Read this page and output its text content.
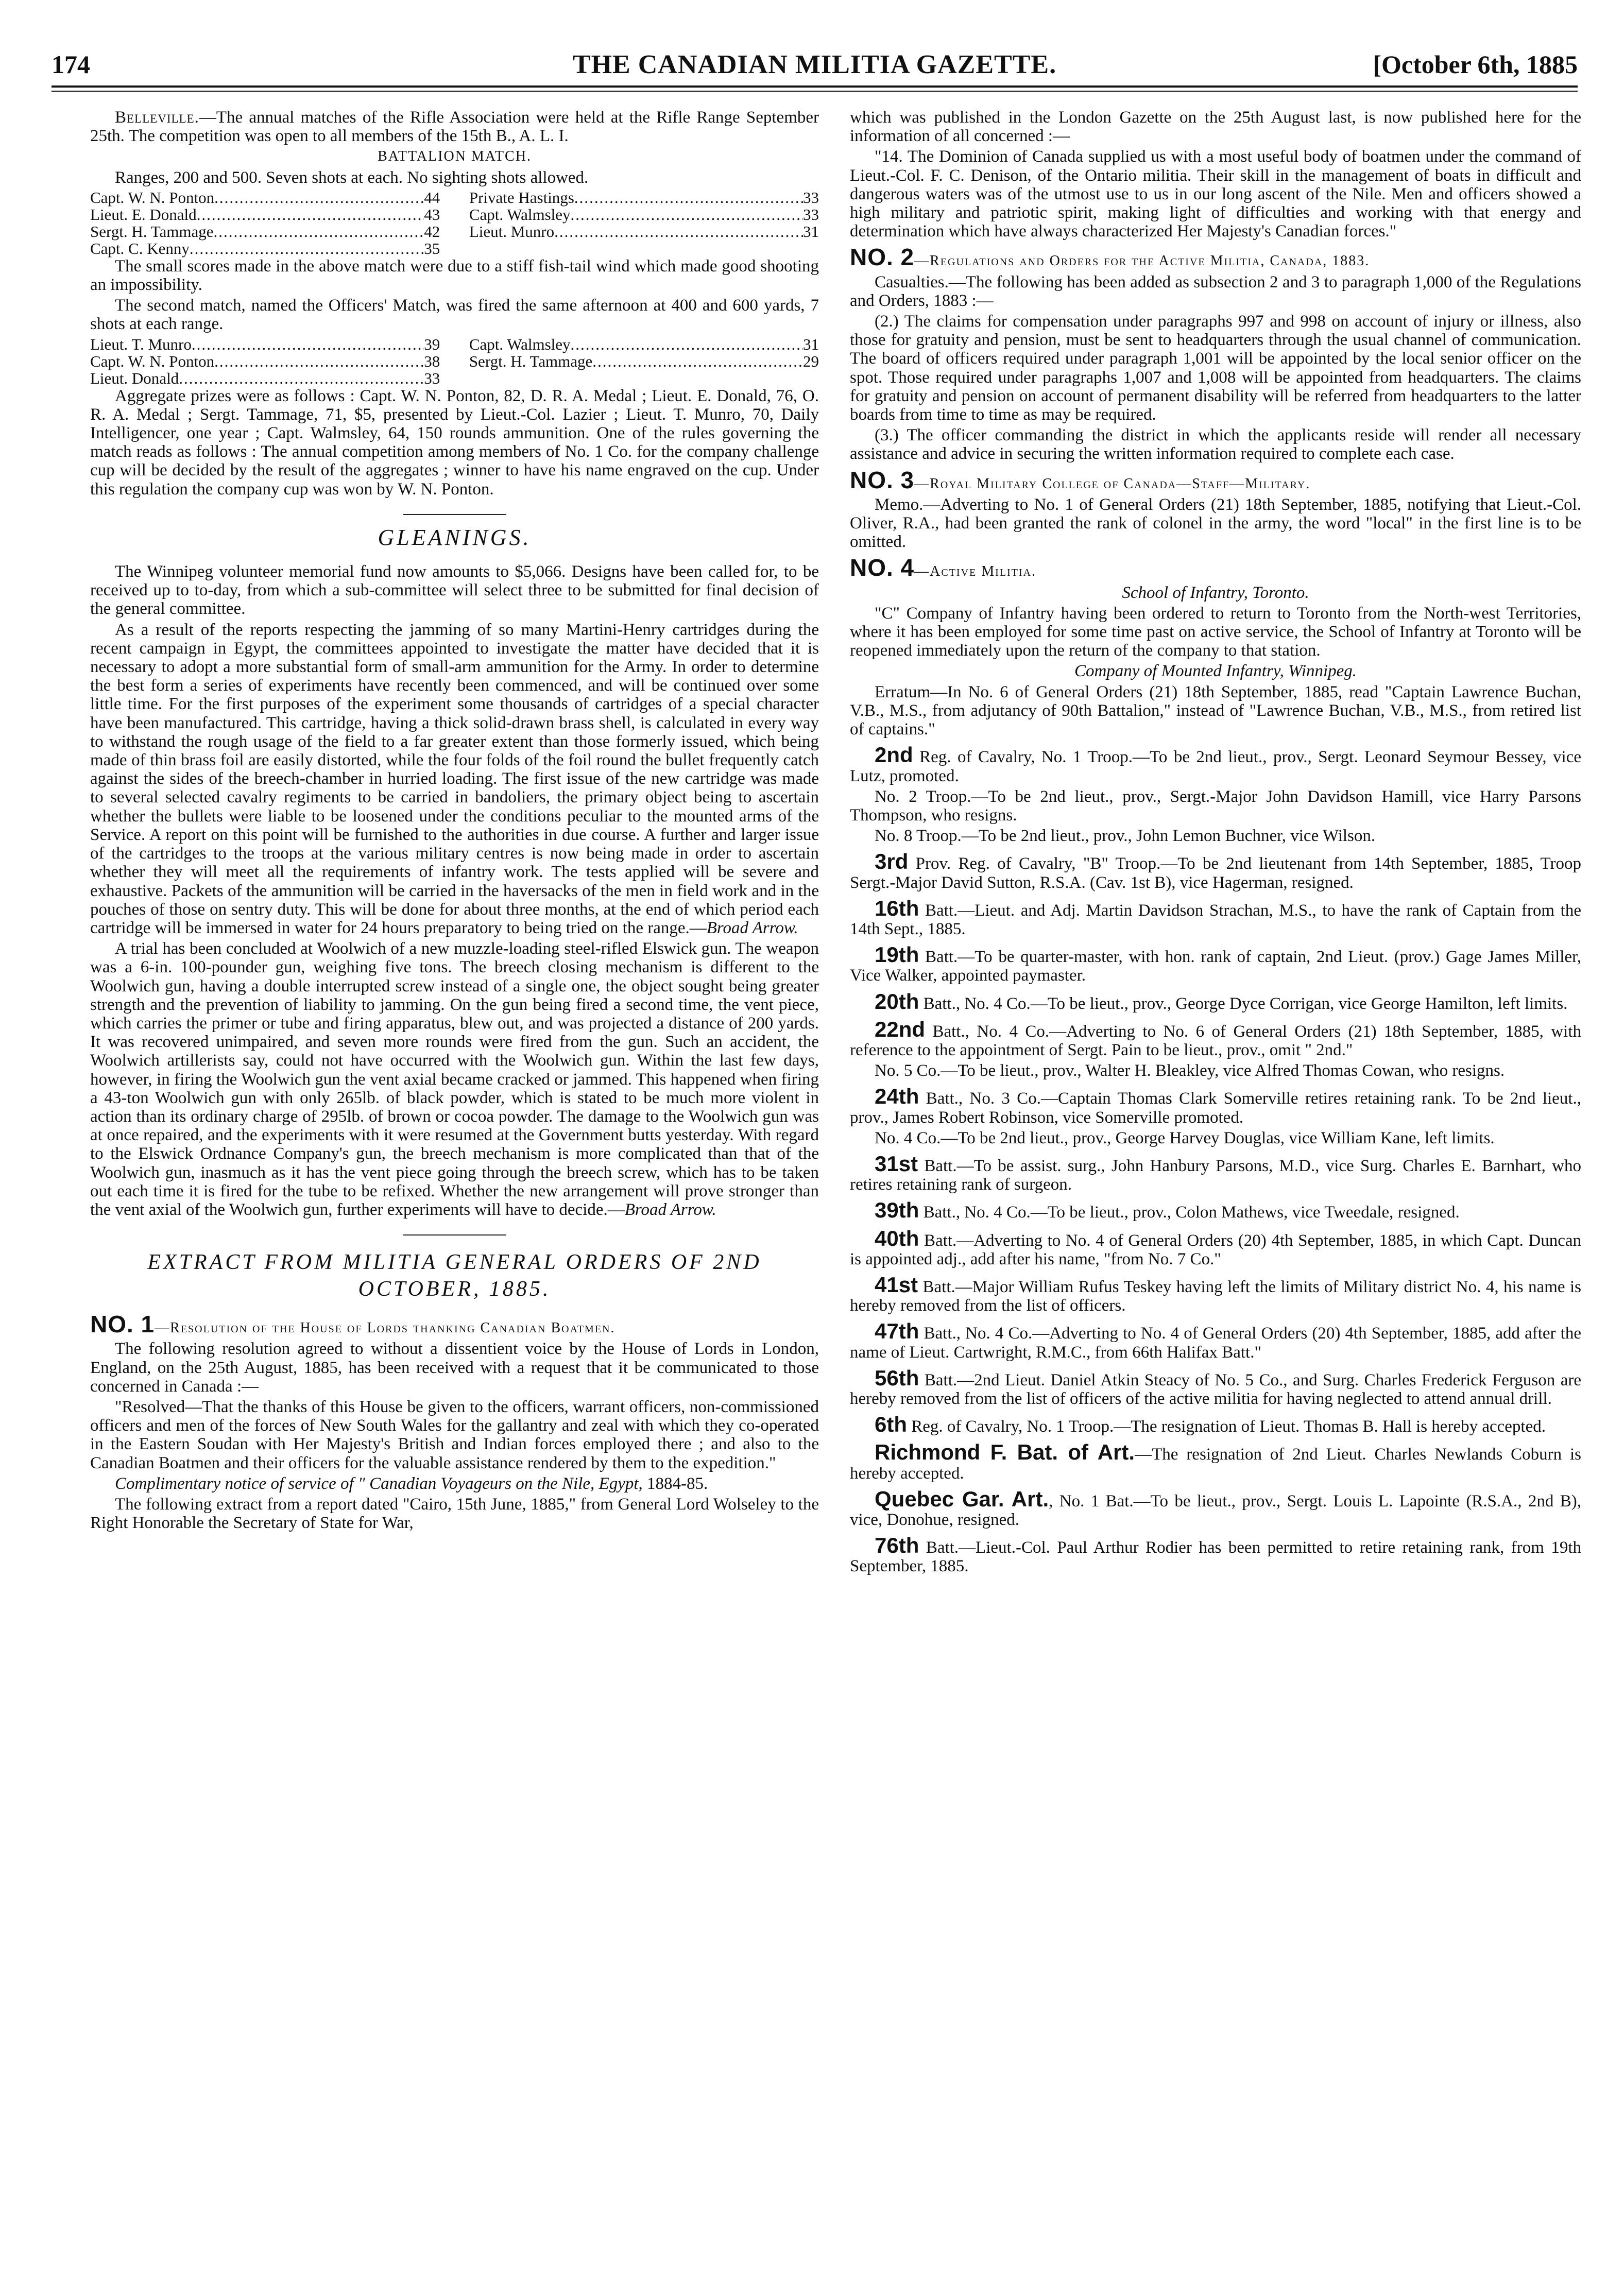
174	THE CANADIAN MILITIA GAZETTE.	[October 6th, 1885

Belleville.—The annual matches of the Rifle Association were held at the Rifle Range September 25th. The competition was open to all members of the 15th B., A. L. I.

BATTALION MATCH.

Ranges, 200 and 500. Seven shots at each. No sighting shots allowed.

Capt. W. N. Ponton .....	44
Lieut. E. Donald .....	43
Sergt. H. Tammage .....	42
Capt. C. Kenny .....	35
Private Hastings .....	33
Capt. Walmsley .....	33
Lieut. Munro .....	31

The small scores made in the above match were due to a stiff fish-tail wind which made good shooting an impossibility.

The second match, named the Officers' Match, was fired the same afternoon at 400 and 600 yards, 7 shots at each range.

Lieut. T. Munro .....	39
Capt. W. N. Ponton .....	38
Lieut. Donald .....	33
Capt. Walmsley .....	31
Sergt. H. Tammage .....	29

Aggregate prizes were as follows : Capt. W. N. Ponton, 82, D. R. A. Medal ; Lieut. E. Donald, 76, O. R. A. Medal ; Sergt. Tammage, 71, $5, presented by Lieut.-Col. Lazier ; Lieut. T. Munro, 70, Daily Intelligencer, one year ; Capt. Walmsley, 64, 150 rounds ammunition. One of the rules governing the match reads as follows : The annual competition among members of No. 1 Co. for the company challenge cup will be decided by the result of the aggregates ; winner to have his name engraved on the cup. Under this regulation the company cup was won by W. N. Ponton.

GLEANINGS.

The Winnipeg volunteer memorial fund now amounts to $5,066. Designs have been called for, to be received up to to-day, from which a sub-committee will select three to be submitted for final decision of the general committee.

As a result of the reports respecting the jamming of so many Martini-Henry cartridges during the recent campaign in Egypt, the committees appointed to investigate the matter have decided that it is necessary to adopt a more substantial form of small-arm ammunition for the Army. In order to determine the best form a series of experiments have recently been commenced, and will be continued over some little time. For the first purposes of the experiment some thousands of cartridges of a special character have been manufactured. This cartridge, having a thick solid-drawn brass shell, is calculated in every way to withstand the rough usage of the field to a far greater extent than those formerly issued, which being made of thin brass foil are easily distorted, while the four folds of the foil round the bullet frequently catch against the sides of the breech-chamber in hurried loading. The first issue of the new cartridge was made to several selected cavalry regiments to be carried in bandoliers, the primary object being to ascertain whether the bullets were liable to be loosened under the conditions peculiar to the mounted arms of the Service. A report on this point will be furnished to the authorities in due course. A further and larger issue of the cartridges to the troops at the various military centres is now being made in order to ascertain whether they will meet all the requirements of infantry work. The tests applied will be severe and exhaustive. Packets of the ammunition will be carried in the haversacks of the men in field work and in the pouches of those on sentry duty. This will be done for about three months, at the end of which period each cartridge will be immersed in water for 24 hours preparatory to being tried on the range.—Broad Arrow.

A trial has been concluded at Woolwich of a new muzzle-loading steel-rifled Elswick gun. The weapon was a 6-in. 100-pounder gun, weighing five tons. The breech closing mechanism is different to the Woolwich gun, having a double interrupted screw instead of a single one, the object sought being greater strength and the prevention of liability to jamming. On the gun being fired a second time, the vent piece, which carries the primer or tube and firing apparatus, blew out, and was projected a distance of 200 yards. It was recovered unimpaired, and seven more rounds were fired from the gun. Such an accident, the Woolwich artillerists say, could not have occurred with the Woolwich gun. Within the last few days, however, in firing the Woolwich gun the vent axial became cracked or jammed. This happened when firing a 43-ton Woolwich gun with only 265lb. of black powder, which is stated to be much more violent in action than its ordinary charge of 295lb. of brown or cocoa powder. The damage to the Woolwich gun was at once repaired, and the experiments with it were resumed at the Government butts yesterday. With regard to the Elswick Ordnance Company's gun, the breech mechanism is more complicated than that of the Woolwich gun, inasmuch as it has the vent piece going through the breech screw, which has to be taken out each time it is fired for the tube to be refixed. Whether the new arrangement will prove stronger than the vent axial of the Woolwich gun, further experiments will have to decide.—Broad Arrow.

EXTRACT FROM MILITIA GENERAL ORDERS OF 2ND
OCTOBER, 1885.

NO. 1—Resolution of the House of Lords thanking Canadian Boatmen.

The following resolution agreed to without a dissentient voice by the House of Lords in London, England, on the 25th August, 1885, has been received with a request that it be communicated to those concerned in Canada :—

"Resolved—That the thanks of this House be given to the officers, warrant officers, non-commissioned officers and men of the forces of New South Wales for the gallantry and zeal with which they co-operated in the Eastern Soudan with Her Majesty's British and Indian forces employed there ; and also to the Canadian Boatmen and their officers for the valuable assistance rendered by them to the expedition."

Complimentary notice of service of " Canadian Voyageurs on the Nile, Egypt, 1884-85.

The following extract from a report dated "Cairo, 15th June, 1885," from General Lord Wolseley to the Right Honorable the Secretary of State for War,

which was published in the London Gazette on the 25th August last, is now published here for the information of all concerned :—

"14. The Dominion of Canada supplied us with a most useful body of boatmen under the command of Lieut.-Col. F. C. Denison, of the Ontario militia. Their skill in the management of boats in difficult and dangerous waters was of the utmost use to us in our long ascent of the Nile. Men and officers showed a high military and patriotic spirit, making light of difficulties and working with that energy and determination which have always characterized Her Majesty's Canadian forces."

NO. 2—Regulations and Orders for the Active Militia, Canada, 1883.

Casualties.—The following has been added as subsection 2 and 3 to paragraph 1,000 of the Regulations and Orders, 1883 :—

(2.) The claims for compensation under paragraphs 997 and 998 on account of injury or illness, also those for gratuity and pension, must be sent to headquarters through the usual channel of communication. The board of officers required under paragraph 1,001 will be appointed by the local senior officer on the spot. Those required under paragraphs 1,007 and 1,008 will be appointed from headquarters. The claims for gratuity and pension on account of permanent disability will be referred from headquarters to the latter boards from time to time as may be required.

(3.) The officer commanding the district in which the applicants reside will render all necessary assistance and advice in securing the written information required to complete each case.

NO. 3—Royal Military College of Canada—Staff—Military.

Memo.—Adverting to No. 1 of General Orders (21) 18th September, 1885, notifying that Lieut.-Col. Oliver, R.A., had been granted the rank of colonel in the army, the word "local" in the first line is to be omitted.

NO. 4—Active Militia.

School of Infantry, Toronto.

"C" Company of Infantry having been ordered to return to Toronto from the North-west Territories, where it has been employed for some time past on active service, the School of Infantry at Toronto will be reopened immediately upon the return of the company to that station.

Company of Mounted Infantry, Winnipeg.

Erratum—In No. 6 of General Orders (21) 18th September, 1885, read "Captain Lawrence Buchan, V.B., M.S., from adjutancy of 90th Battalion," instead of "Lawrence Buchan, V.B., M.S., from retired list of captains."

2nd Reg. of Cavalry, No. 1 Troop.—To be 2nd lieut., prov., Sergt. Leonard Seymour Bessey, vice Lutz, promoted.

No. 2 Troop.—To be 2nd lieut., prov., Sergt.-Major John Davidson Hamill, vice Harry Parsons Thompson, who resigns.

No. 8 Troop.—To be 2nd lieut., prov., John Lemon Buchner, vice Wilson.

3rd Prov. Reg. of Cavalry, "B" Troop.—To be 2nd lieutenant from 14th September, 1885, Troop Sergt.-Major David Sutton, R.S.A. (Cav. 1st B), vice Hagerman, resigned.

16th Batt.—Lieut. and Adj. Martin Davidson Strachan, M.S., to have the rank of Captain from the 14th Sept., 1885.

19th Batt.—To be quarter-master, with hon. rank of captain, 2nd Lieut. (prov.) Gage James Miller, Vice Walker, appointed paymaster.

20th Batt., No. 4 Co.—To be lieut., prov., George Dyce Corrigan, vice George Hamilton, left limits.

22nd Batt., No. 4 Co.—Adverting to No. 6 of General Orders (21) 18th September, 1885, with reference to the appointment of Sergt. Pain to be lieut., prov., omit " 2nd."

No. 5 Co.—To be lieut., prov., Walter H. Bleakley, vice Alfred Thomas Cowan, who resigns.

24th Batt., No. 3 Co.—Captain Thomas Clark Somerville retires retaining rank. To be 2nd lieut., prov., James Robert Robinson, vice Somerville promoted.

No. 4 Co.—To be 2nd lieut., prov., George Harvey Douglas, vice William Kane, left limits.

31st Batt.—To be assist. surg., John Hanbury Parsons, M.D., vice Surg. Charles E. Barnhart, who retires retaining rank of surgeon.

39th Batt., No. 4 Co.—To be lieut., prov., Colon Mathews, vice Tweedale, resigned.

40th Batt.—Adverting to No. 4 of General Orders (20) 4th September, 1885, in which Capt. Duncan is appointed adj., add after his name, "from No. 7 Co."

41st Batt.—Major William Rufus Teskey having left the limits of Military district No. 4, his name is hereby removed from the list of officers.

47th Batt., No. 4 Co.—Adverting to No. 4 of General Orders (20) 4th September, 1885, add after the name of Lieut. Cartwright, R.M.C., from 66th Halifax Batt."

56th Batt.—2nd Lieut. Daniel Atkin Steacy of No. 5 Co., and Surg. Charles Frederick Ferguson are hereby removed from the list of officers of the active militia for having neglected to attend annual drill.

6th Reg. of Cavalry, No. 1 Troop.—The resignation of Lieut. Thomas B. Hall is hereby accepted.

Richmond F. Bat. of Art.—The resignation of 2nd Lieut. Charles Newlands Coburn is hereby accepted.

Quebec Gar. Art., No. 1 Bat.—To be lieut., prov., Sergt. Louis L. Lapointe (R.S.A., 2nd B), vice, Donohue, resigned.

76th Batt.—Lieut.-Col. Paul Arthur Rodier has been permitted to retire retaining rank, from 19th September, 1885.
